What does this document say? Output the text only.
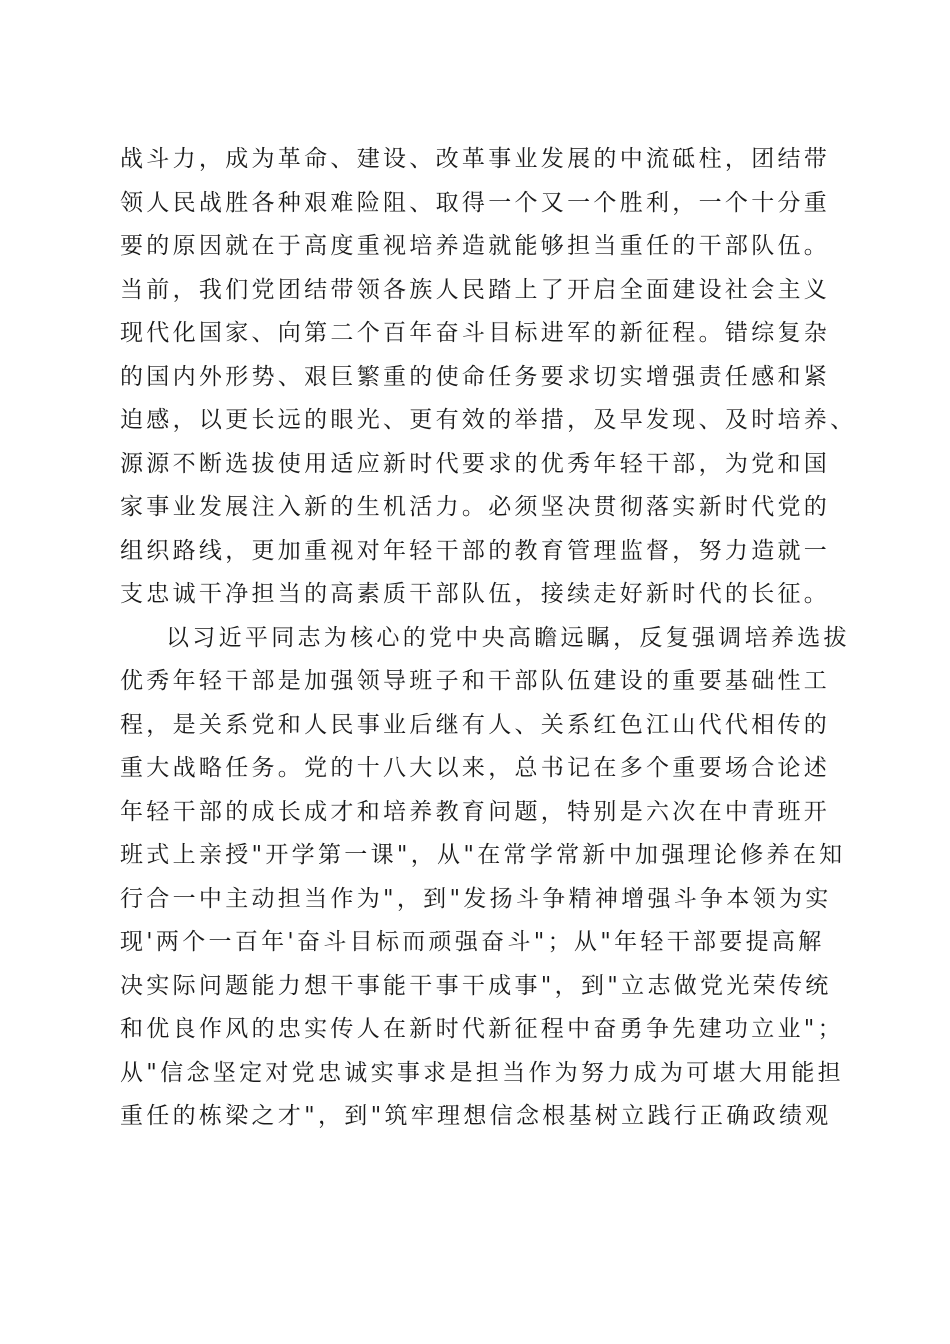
战斗力，成为革命、建设、改革事业发展的中流砥柱，团结带
领人民战胜各种艰难险阻、取得一个又一个胜利，一个十分重
要的原因就在于高度重视培养造就能够担当重任的干部队伍。
当前，我们党团结带领各族人民踏上了开启全面建设社会主义
现代化国家、向第二个百年奋斗目标进军的新征程。错综复杂
的国内外形势、艰巨繁重的使命任务要求切实增强责任感和紧
迫感，以更长远的眼光、更有效的举措，及早发现、及时培养、
源源不断选拔使用适应新时代要求的优秀年轻干部，为党和国
家事业发展注入新的生机活力。必须坚决贯彻落实新时代党的
组织路线，更加重视对年轻干部的教育管理监督，努力造就一
支忠诚干净担当的高素质干部队伍，接续走好新时代的长征。
以习近平同志为核心的党中央高瞻远瞩，反复强调培养选拔
优秀年轻干部是加强领导班子和干部队伍建设的重要基础性工
程，是关系党和人民事业后继有人、关系红色江山代代相传的
重大战略任务。党的十八大以来，总书记在多个重要场合论述
年轻干部的成长成才和培养教育问题，特别是六次在中青班开
班式上亲授"开学第一课"，从"在常学常新中加强理论修养在知
行合一中主动担当作为"，到"发扬斗争精神增强斗争本领为实
现'两个一百年'奋斗目标而顽强奋斗"；从"年轻干部要提高解
决实际问题能力想干事能干事干成事"，到"立志做党光荣传统
和优良作风的忠实传人在新时代新征程中奋勇争先建功立业"；
从"信念坚定对党忠诚实事求是担当作为努力成为可堪大用能担
重任的栋梁之才"，到"筑牢理想信念根基树立践行正确政绩观
